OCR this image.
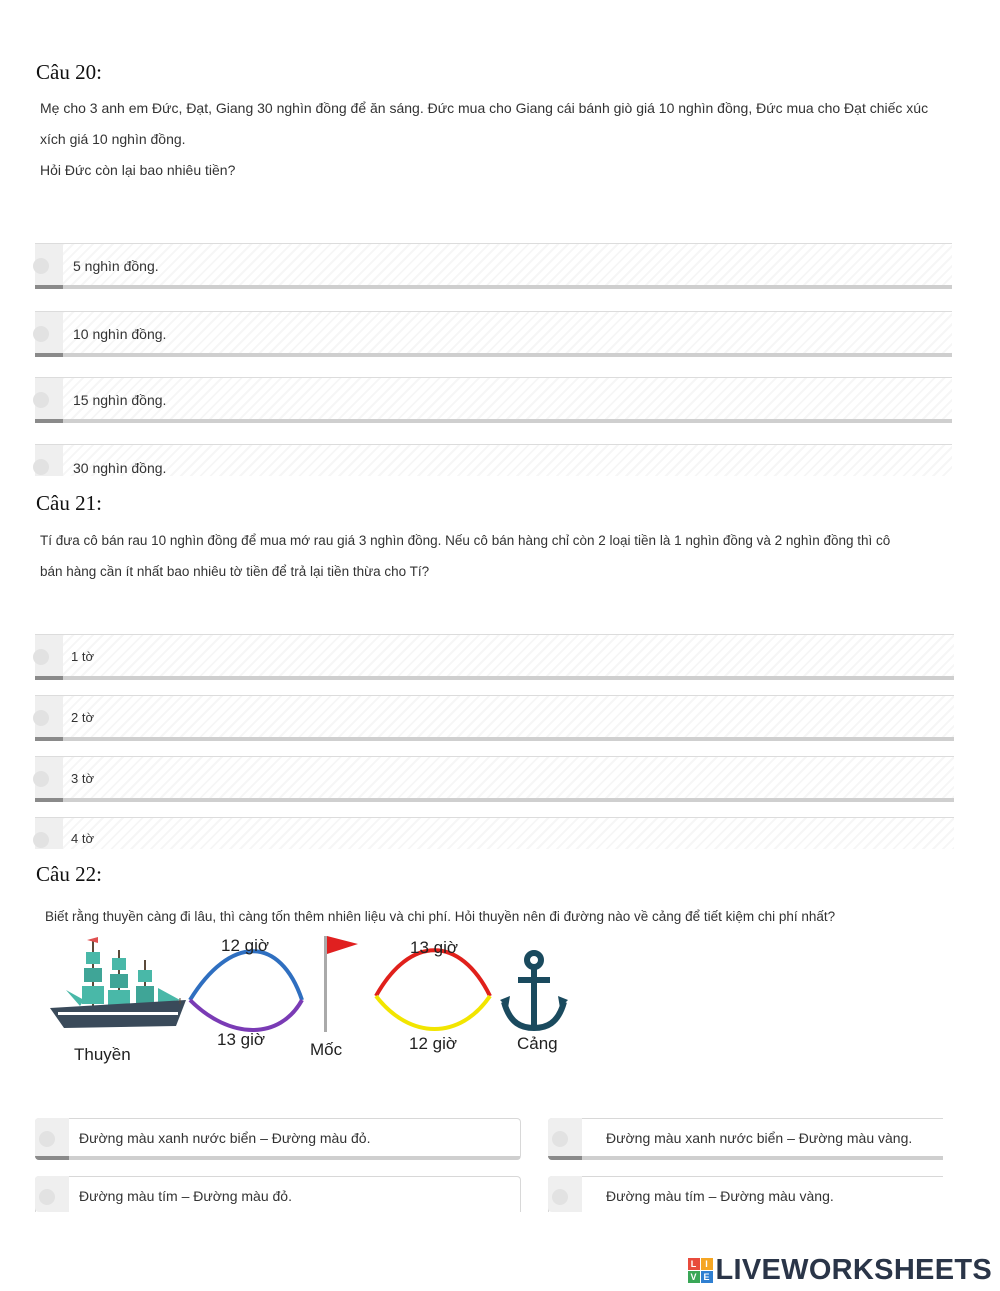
Câu 20:
Mẹ cho 3 anh em Đức, Đạt, Giang 30 nghìn đồng để ăn sáng. Đức mua cho Giang cái bánh giò giá 10 nghìn đồng, Đức mua cho Đạt chiếc xúc
xích giá 10 nghìn đồng.
Hỏi Đức còn lại bao nhiêu tiền?
5 nghìn đồng.
10 nghìn đồng.
15 nghìn đồng.
30 nghìn đồng.
Câu 21:
Tí đưa cô bán rau 10 nghìn đồng để mua mớ rau giá 3 nghìn đồng. Nếu cô bán hàng chỉ còn 2 loại tiền là 1 nghìn đồng và 2 nghìn đồng thì cô
bán hàng cần ít nhất bao nhiêu tờ tiền để trả lại tiền thừa cho Tí?
1 tờ
2 tờ
3 tờ
4 tờ
Câu 22:
Biết rằng thuyền càng đi lâu, thì càng tốn thêm nhiên liệu và chi phí. Hỏi thuyền nên đi đường nào về cảng để tiết kiệm chi phí nhất?
12 giờ
13 giờ
13 giờ
12 giờ
Thuyền	Mốc	Cảng
Đường màu xanh nước biển – Đường màu đỏ.	Đường màu xanh nước biển – Đường màu vàng.
Đường màu tím – Đường màu đỏ.	Đường màu tím – Đường màu vàng.
L I
V E LIVEWORKSHEETS
